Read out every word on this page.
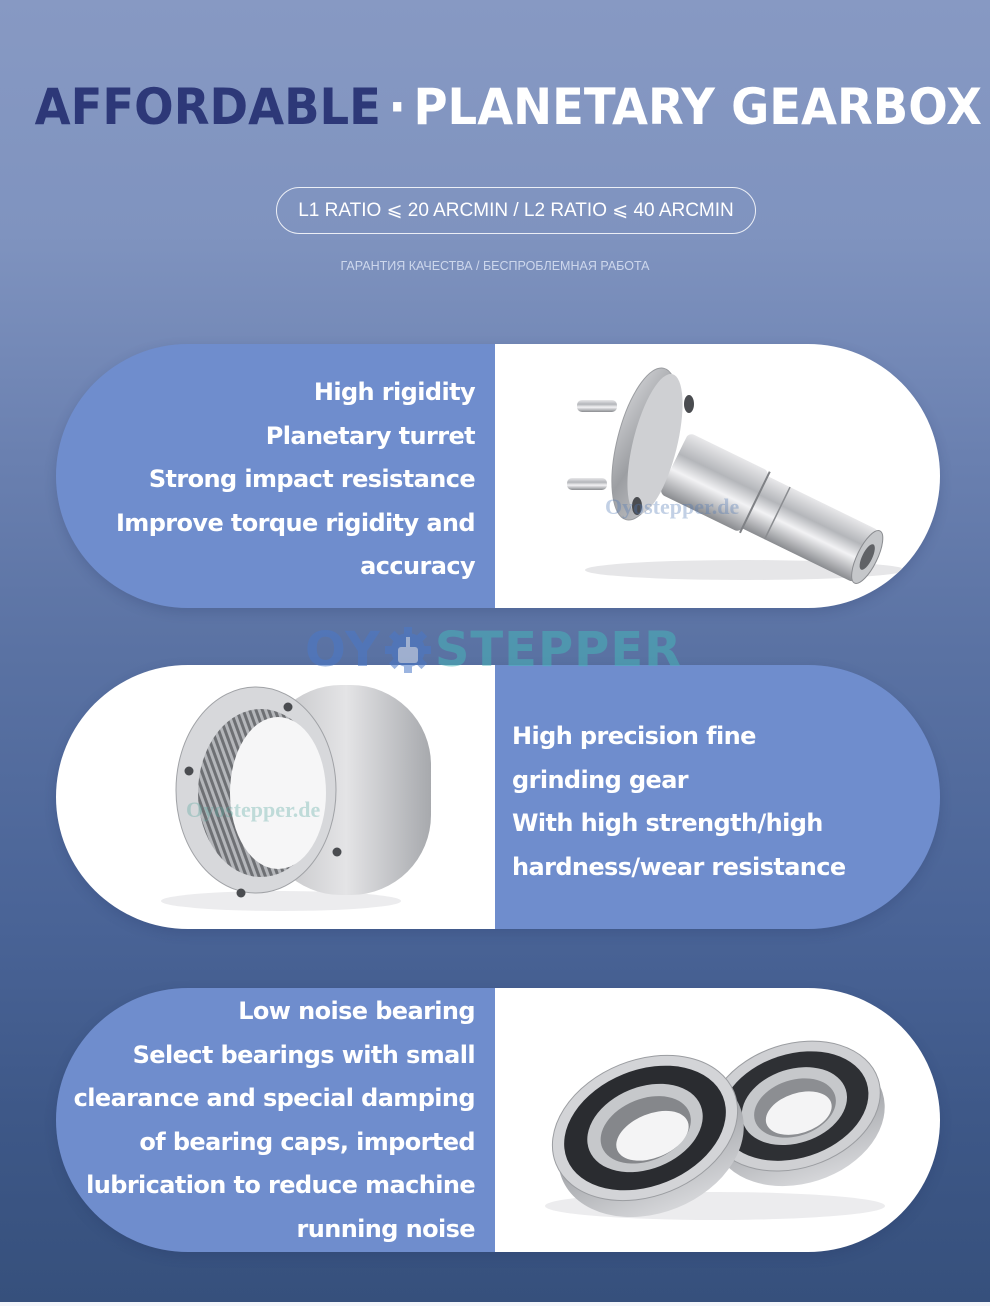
AFFORDABLE · PLANETARY GEARBOX
L1 RATIO ⩽ 20 ARCMIN / L2 RATIO ⩽ 40 ARCMIN
ГАРАНТИЯ КАЧЕСТВА / БЕСПРОБЛЕМНАЯ РАБОТА
High rigidity
Planetary turret
Strong impact resistance
Improve torque rigidity and
accuracy
Oyostepper.de
Oyostepper.de
High precision fine
grinding gear
With high strength/high
hardness/wear resistance
Low noise bearing
Select bearings with small
clearance and special damping
of bearing caps, imported
lubrication to reduce machine
running noise
OY STEPPER
